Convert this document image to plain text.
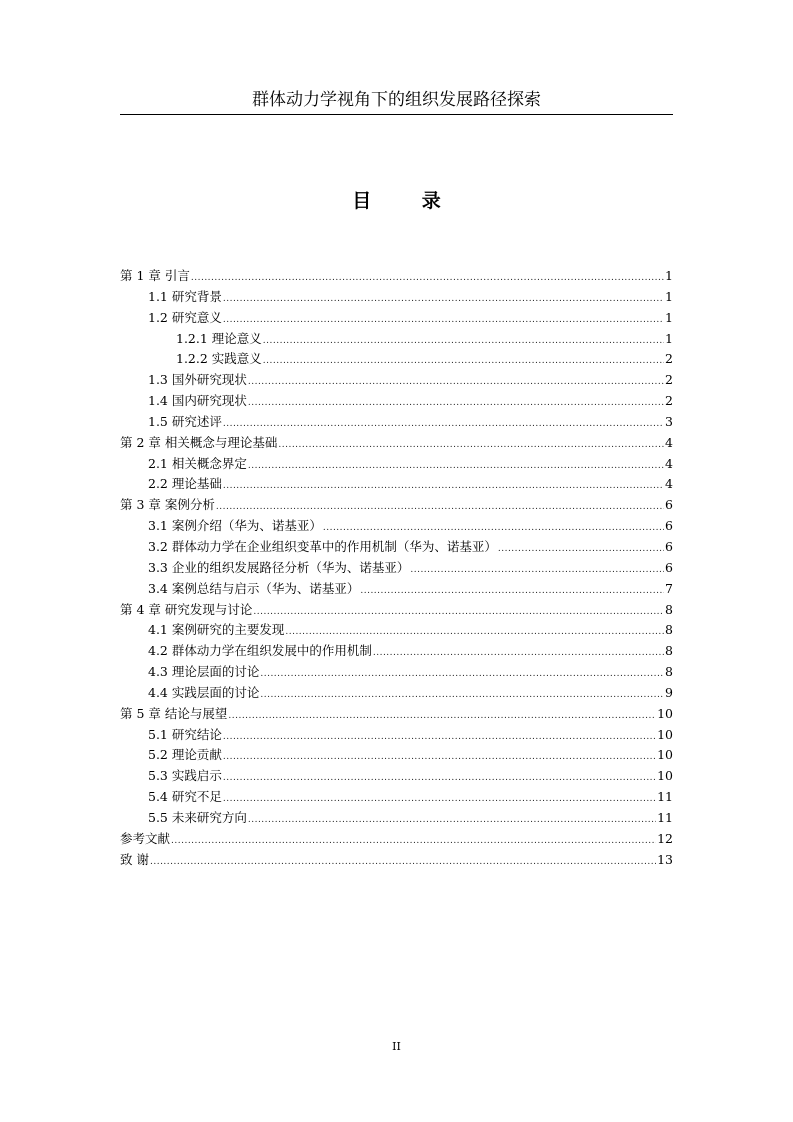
群体动力学视角下的组织发展路径探索
目 录
第 1 章 引言 .....	1
1.1 研究背景 .....	1
1.2 研究意义 .....	1
1.2.1 理论意义 .....	1
1.2.2 实践意义 .....	2
1.3 国外研究现状 .....	2
1.4 国内研究现状 .....	2
1.5 研究述评 .....	3
第 2 章 相关概念与理论基础 .....	4
2.1 相关概念界定 .....	4
2.2 理论基础 .....	4
第 3 章 案例分析 .....	6
3.1 案例介绍（华为、诺基亚） .....	6
3.2 群体动力学在企业组织变革中的作用机制（华为、诺基亚） .....	6
3.3 企业的组织发展路径分析（华为、诺基亚） .....	6
3.4 案例总结与启示（华为、诺基亚） .....	7
第 4 章 研究发现与讨论 .....	8
4.1 案例研究的主要发现 .....	8
4.2 群体动力学在组织发展中的作用机制 .....	8
4.3 理论层面的讨论 .....	8
4.4 实践层面的讨论 .....	9
第 5 章 结论与展望 .....	10
5.1 研究结论 .....	10
5.2 理论贡献 .....	10
5.3 实践启示 .....	10
5.4 研究不足 .....	11
5.5 未来研究方向 .....	11
参考文献 .....	12
致 谢 .....	13
II
